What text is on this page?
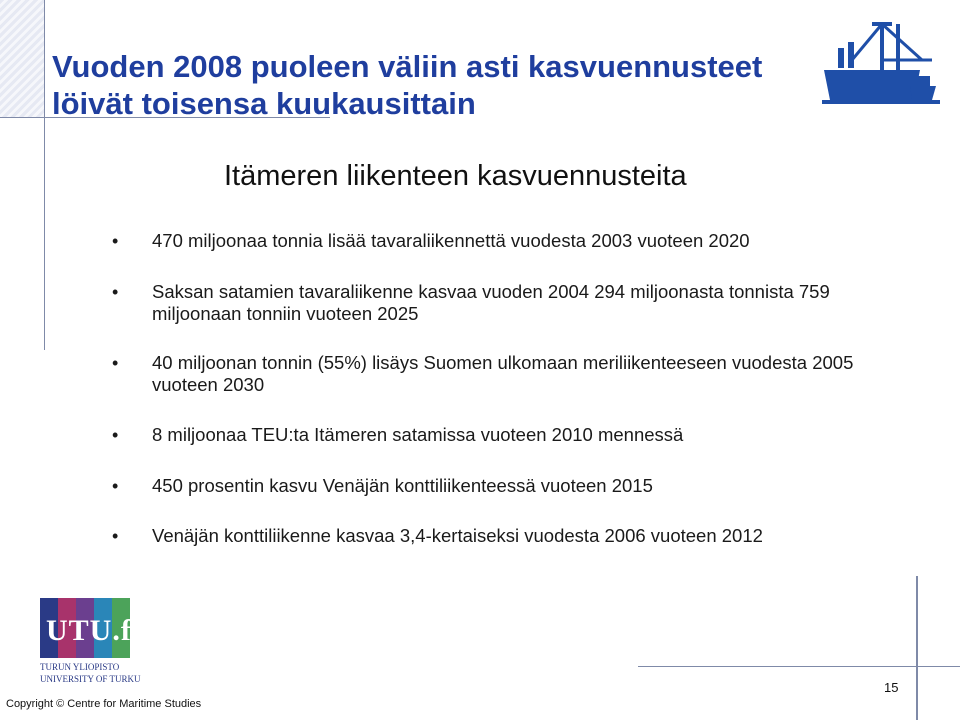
Vuoden 2008 puoleen väliin asti kasvuennusteet
löivät toisensa kuukausittain
Itämeren liikenteen kasvuennusteita
• 470 miljoonaa tonnia lisää tavaraliikennettä vuodesta 2003 vuoteen 2020
• Saksan satamien tavaraliikenne kasvaa vuoden 2004 294 miljoonasta tonnista 759 miljoonaan tonniin vuoteen 2025
• 40 miljoonan tonnin (55%) lisäys Suomen ulkomaan meriliikenteeseen vuodesta 2005 vuoteen 2030
• 8 miljoonaa TEU:ta Itämeren satamissa vuoteen 2010 mennessä
• 450 prosentin kasvu Venäjän konttiliikenteessä vuoteen 2015
• Venäjän konttiliikenne kasvaa 3,4-kertaiseksi vuodesta 2006 vuoteen 2012
UTU.fi
TURUN YLIOPISTO
UNIVERSITY OF TURKU
Copyright © Centre for Maritime Studies
15
